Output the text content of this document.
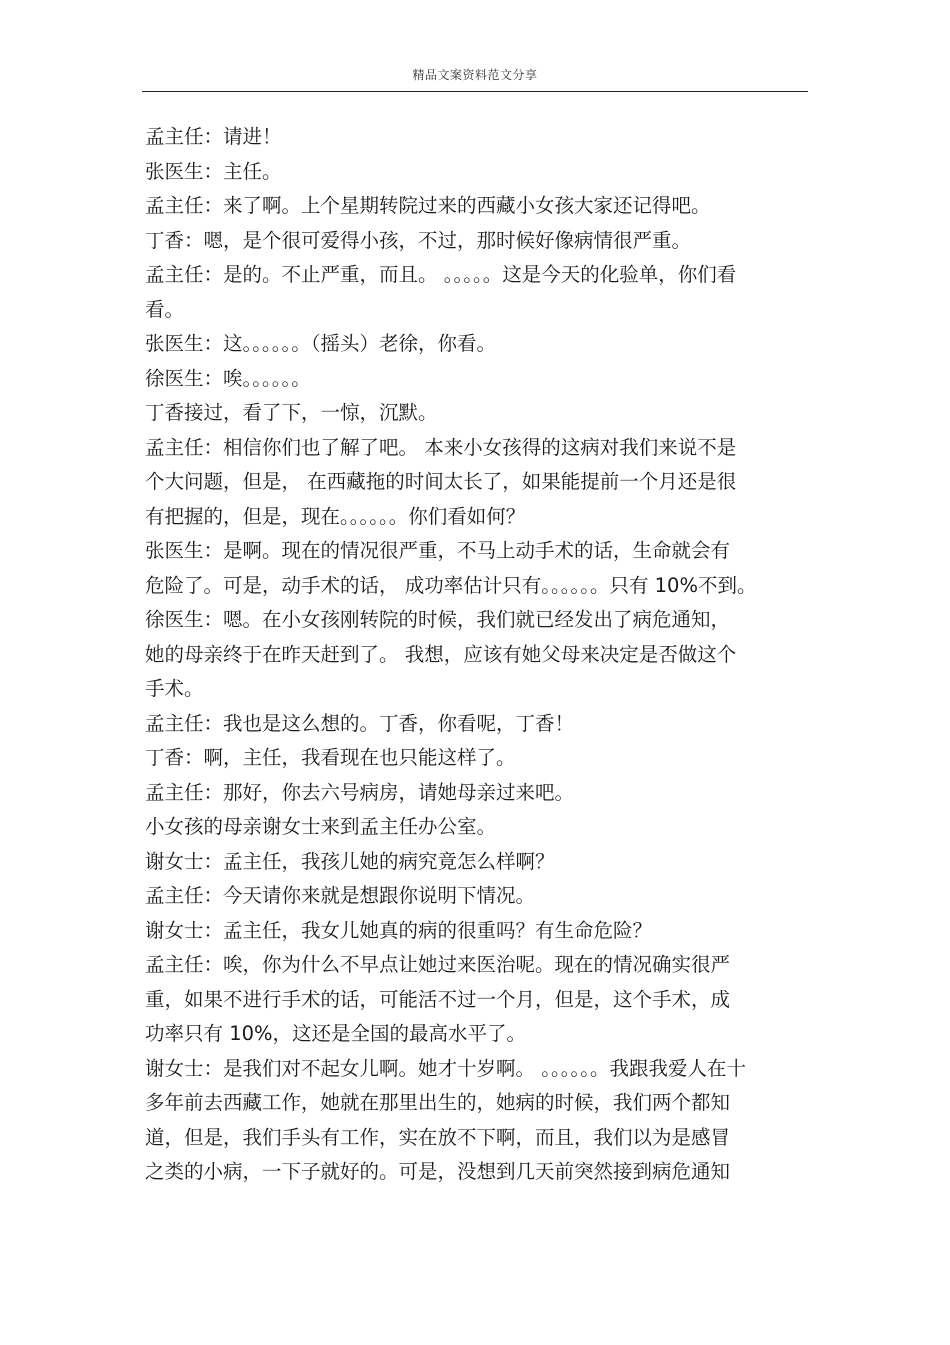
精品文案资料范文分享
孟主任：请进！
张医生：主任。
孟主任：来了啊。上个星期转院过来的西藏小女孩大家还记得吧。
丁香：嗯，是个很可爱得小孩，不过，那时候好像病情很严重。
孟主任：是的。不止严重，而且。 。。。。。这是今天的化验单，你们看
看。
张医生：这。。。。。。（摇头）老徐，你看。
徐医生：唉。。。。。。
丁香接过，看了下，一惊，沉默。
孟主任：相信你们也了解了吧。 本来小女孩得的这病对我们来说不是
个大问题，但是， 在西藏拖的时间太长了，如果能提前一个月还是很
有把握的，但是，现在。。。。。。你们看如何？
张医生：是啊。现在的情况很严重，不马上动手术的话，生命就会有
危险了。可是，动手术的话， 成功率估计只有。。。。。。只有 10%不到。
徐医生：嗯。在小女孩刚转院的时候，我们就已经发出了病危通知，
她的母亲终于在昨天赶到了。 我想，应该有她父母来决定是否做这个
手术。
孟主任：我也是这么想的。丁香，你看呢，丁香！
丁香：啊，主任，我看现在也只能这样了。
孟主任：那好，你去六号病房，请她母亲过来吧。
小女孩的母亲谢女士来到孟主任办公室。
谢女士：孟主任，我孩儿她的病究竟怎么样啊？
孟主任：今天请你来就是想跟你说明下情况。
谢女士：孟主任，我女儿她真的病的很重吗？有生命危险？
孟主任：唉，你为什么不早点让她过来医治呢。现在的情况确实很严
重，如果不进行手术的话，可能活不过一个月，但是，这个手术，成
功率只有 10%，这还是全国的最高水平了。
谢女士：是我们对不起女儿啊。她才十岁啊。 。。。。。。我跟我爱人在十
多年前去西藏工作，她就在那里出生的，她病的时候，我们两个都知
道，但是，我们手头有工作，实在放不下啊，而且，我们以为是感冒
之类的小病，一下子就好的。可是，没想到几天前突然接到病危通知
